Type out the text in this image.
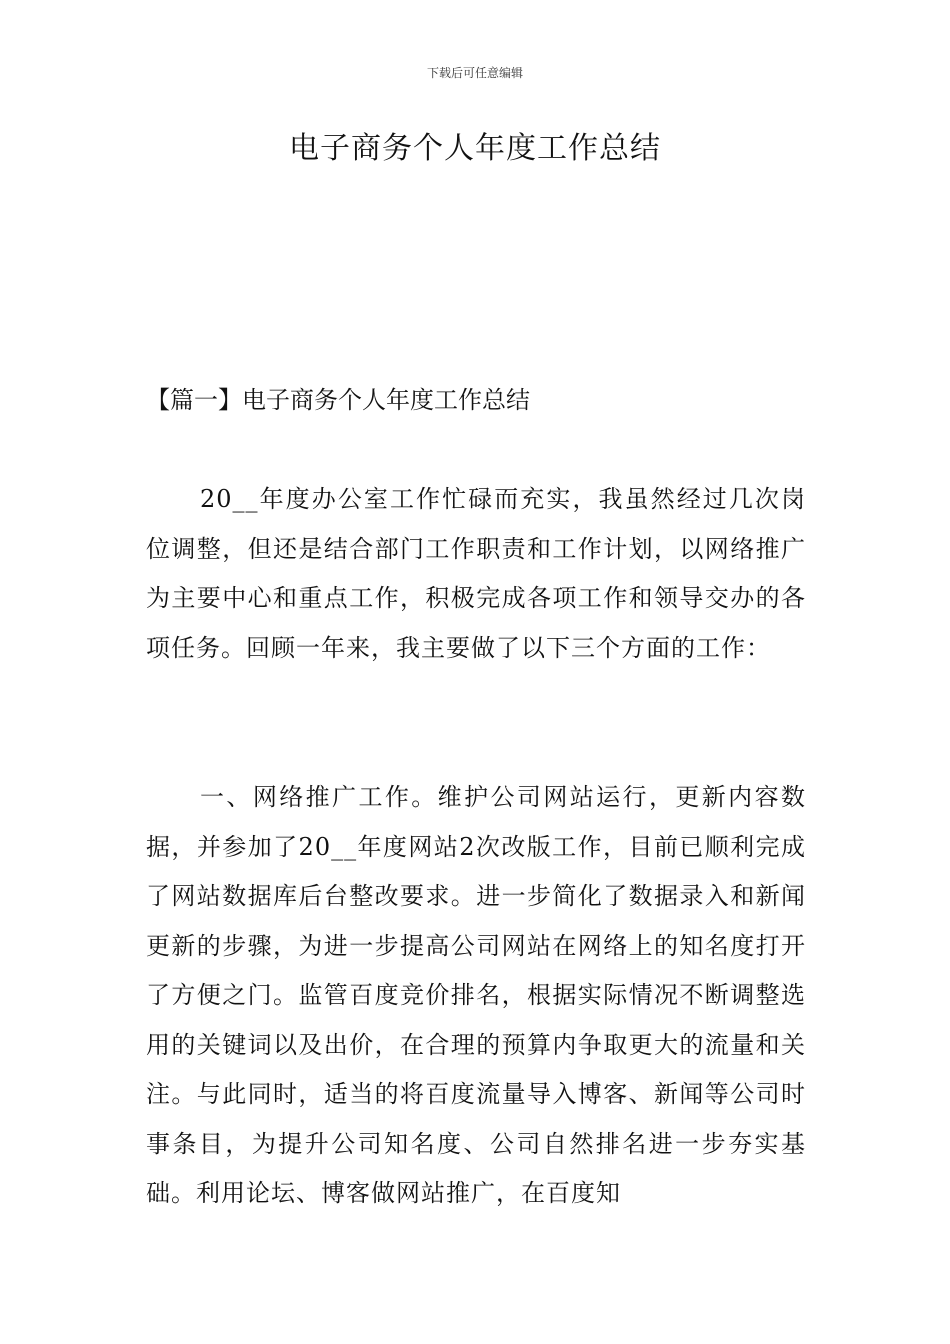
下载后可任意编辑
电子商务个人年度工作总结
【篇一】电子商务个人年度工作总结

20__年度办公室工作忙碌而充实，我虽然经过几次岗位调整，但还是结合部门工作职责和工作计划，以网络推广为主要中心和重点工作，积极完成各项工作和领导交办的各项任务。回顾一年来，我主要做了以下三个方面的工作：

一、网络推广工作。维护公司网站运行，更新内容数据，并参加了20__年度网站2次改版工作，目前已顺利完成了网站数据库后台整改要求。进一步简化了数据录入和新闻更新的步骤，为进一步提高公司网站在网络上的知名度打开了方便之门。监管百度竞价排名，根据实际情况不断调整选用的关键词以及出价，在合理的预算内争取更大的流量和关注。与此同时，适当的将百度流量导入博客、新闻等公司时事条目，为提升公司知名度、公司自然排名进一步夯实基础。利用论坛、博客做网站推广，在百度知
